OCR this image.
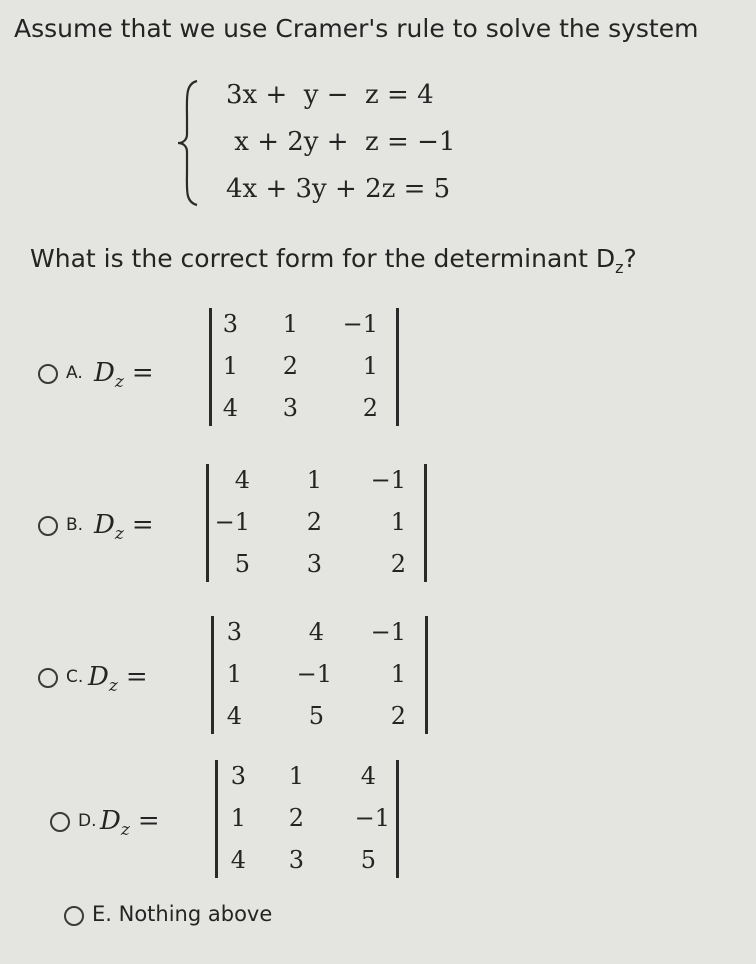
Assume that we use Cramer's rule to solve the system
3x +  y −  z = 4
x + 2y +  z = −1
4x + 3y + 2z = 5
What is the correct form for the determinant $D_z$?
A. $D_z$ =
3	1 −1
1	2	1
4	3	2
B. $D_z$ =
4	1 −1
−1	2	1
5	3	2
C. $D_z$ =
3	4 −1
1 −1	1
4	5	2
D. $D_z$ =
3	1	4
1	2 −1
4	3	5
E. Nothing above
